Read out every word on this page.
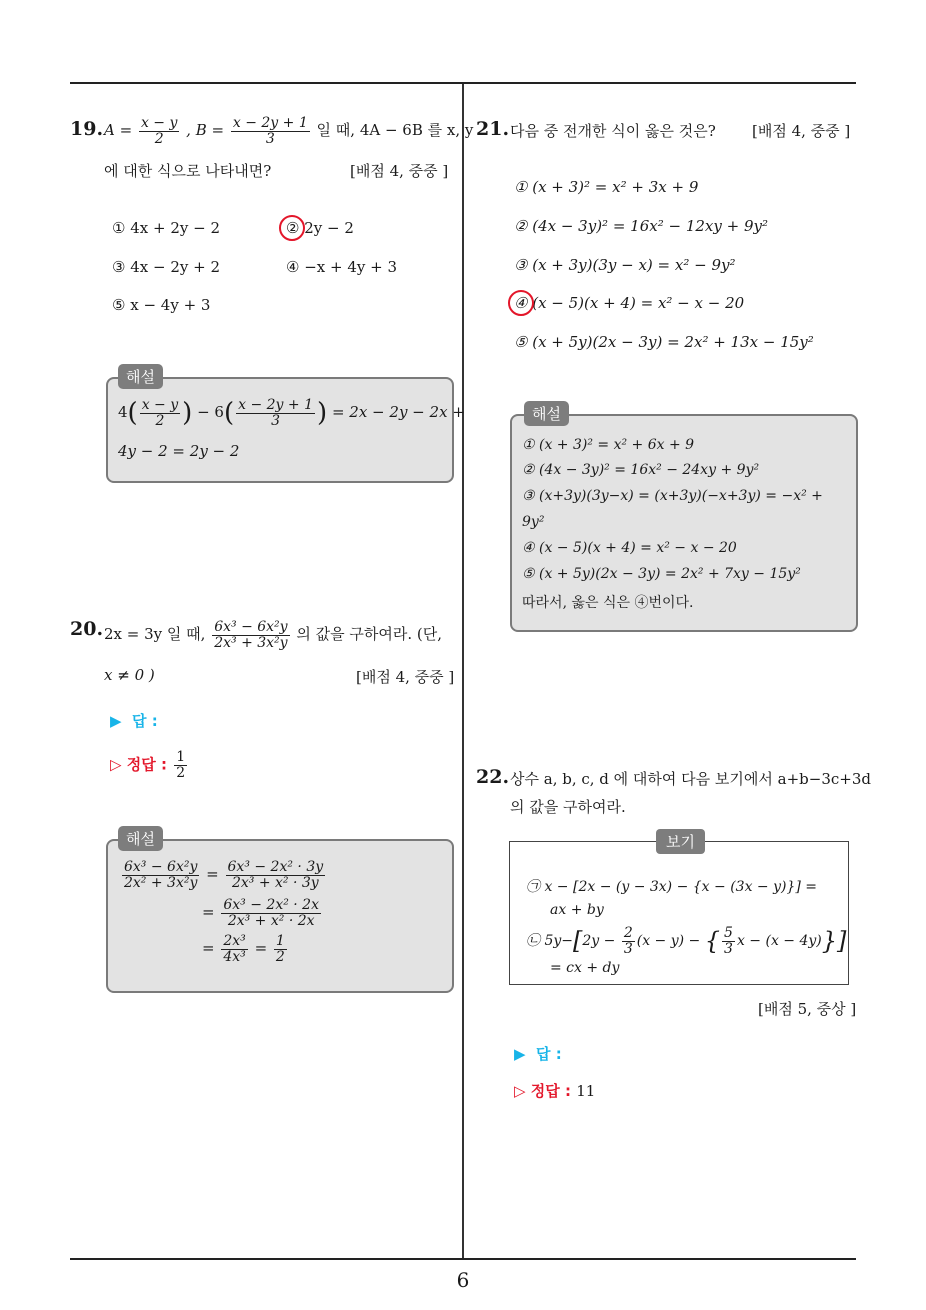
19. $A = \frac{x - y}{2}$ , $B = \frac{x - 2y + 1}{3}$ 일 때, 4A − 6B 를 x, y
에 대한 식으로 나타내면?	[배점 4, 중중 ]
① 4x + 2y − 2	② 2y − 2
③ 4x − 2y + 2	④ −x + 4y + 3
⑤ x − 4y + 3
해설
$4( \frac{x - y}{2}$ ) − $6( \frac{x - 2y + 1}{3}$ ) = 2x − 2y − 2x +
4y − 2 = 2y − 2
20. 2x = 3y 일 때, $\frac{\text{6x³ − 6x²y}}{\text{2x³ + 3x²y}}$ 의 값을 구하여라. (단,
x ≠ 0 )	[배점 4, 중중 ]
▶ 답 :
▷ 정답 : $\frac{1}{2}$
해설
$\frac{\text{6x³ − 6x²y}}{\text{2x² + 3x²y}} = \frac{\text{6x³ − 2x² · 3y}}{\text{2x³ + x² · 3y}}$
= $\frac{\text{6x³ − 2x² · 2x}}{\text{2x³ + x² · 2x}}$
= $\frac{\text{2x³}}{\text{4x³}} = \frac{1}{2}$
21. 다음 중 전개한 식이 옳은 것은? [배점 4, 중중 ]
① (x + 3)² = x² + 3x + 9
② (4x − 3y)² = 16x² − 12xy + 9y²
③ (x + 3y)(3y − x) = x² − 9y²
④ (x − 5)(x + 4) = x² − x − 20
⑤ (x + 5y)(2x − 3y) = 2x² + 13x − 15y²
해설
① (x + 3)² = x² + 6x + 9
② (4x − 3y)² = 16x² − 24xy + 9y²
③ (x+3y)(3y−x) = (x+3y)(−x+3y) = −x² +
9y²
④ (x − 5)(x + 4) = x² − x − 20
⑤ (x + 5y)(2x − 3y) = 2x² + 7xy − 15y²
따라서, 옳은 식은 ④번이다.
22. 상수 a, b, c, d 에 대하여 다음 보기에서 a+b−3c+3d
의 값을 구하여라.
보기
㉠ x − [2x − (y − 3x) − {x − (3x − y)}] =
ax + by
㉡ $5y-[2y - \frac{2}{3} (x - y)$ − { $\frac{5}{3}$ x − (x − 4y)}]
= cx + dy
[배점 5, 중상 ]
▶ 답 :
▷ 정답 : 11
6
